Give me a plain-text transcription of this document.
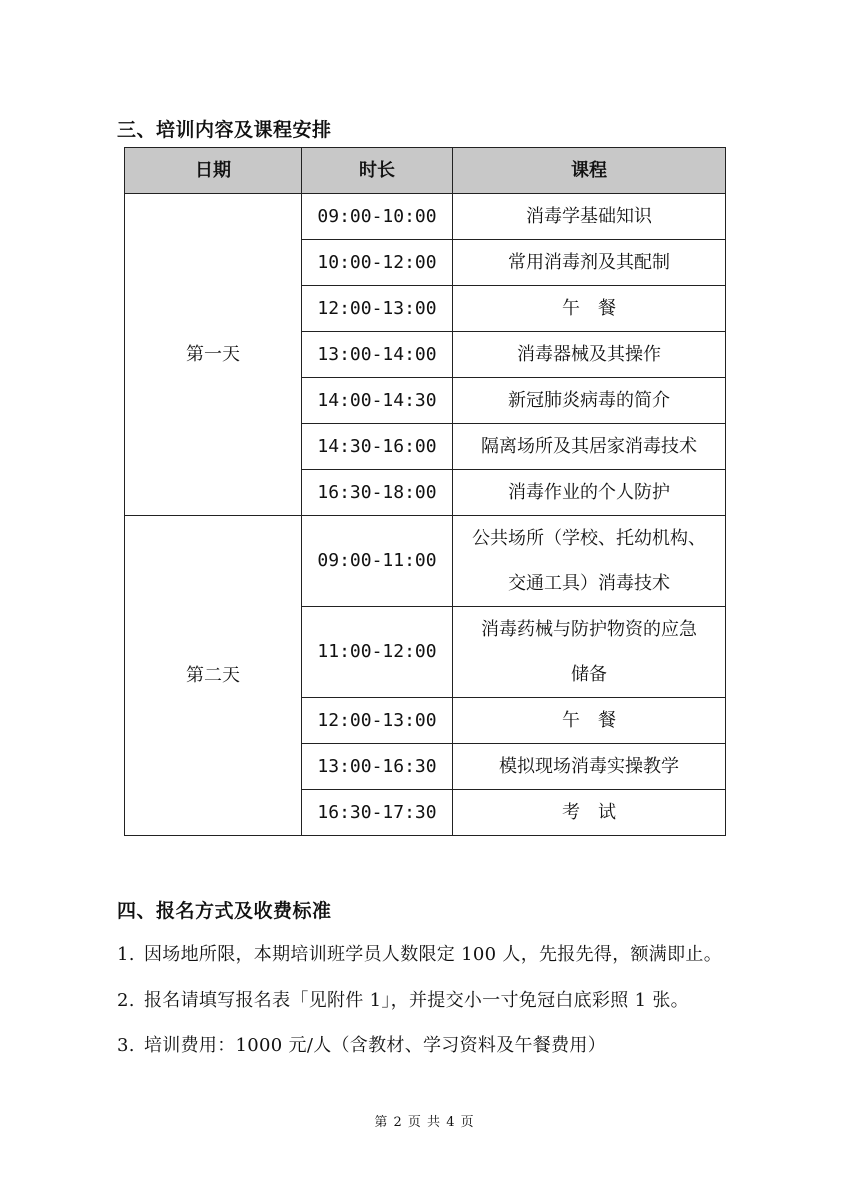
三、培训内容及课程安排
日期	时长	课程
第一天	09:00-10:00	消毒学基础知识
	10:00-12:00	常用消毒剂及其配制
	12:00-13:00	午　餐
	13:00-14:00	消毒器械及其操作
	14:00-14:30	新冠肺炎病毒的简介
	14:30-16:00	隔离场所及其居家消毒技术
	16:30-18:00	消毒作业的个人防护
第二天	09:00-11:00	公共场所（学校、托幼机构、
交通工具）消毒技术

	11:00-12:00	消毒药械与防护物资的应急
储备

	12:00-13:00	午　餐
	13:00-16:30	模拟现场消毒实操教学
	16:30-17:30	考　试
四、报名方式及收费标准
1. 因场地所限，本期培训班学员人数限定 100 人，先报先得，额满即止。
2. 报名请填写报名表「见附件 1」，并提交小一寸免冠白底彩照 1 张。
3. 培训费用：1000 元/人（含教材、学习资料及午餐费用）
第 2 页 共 4 页
